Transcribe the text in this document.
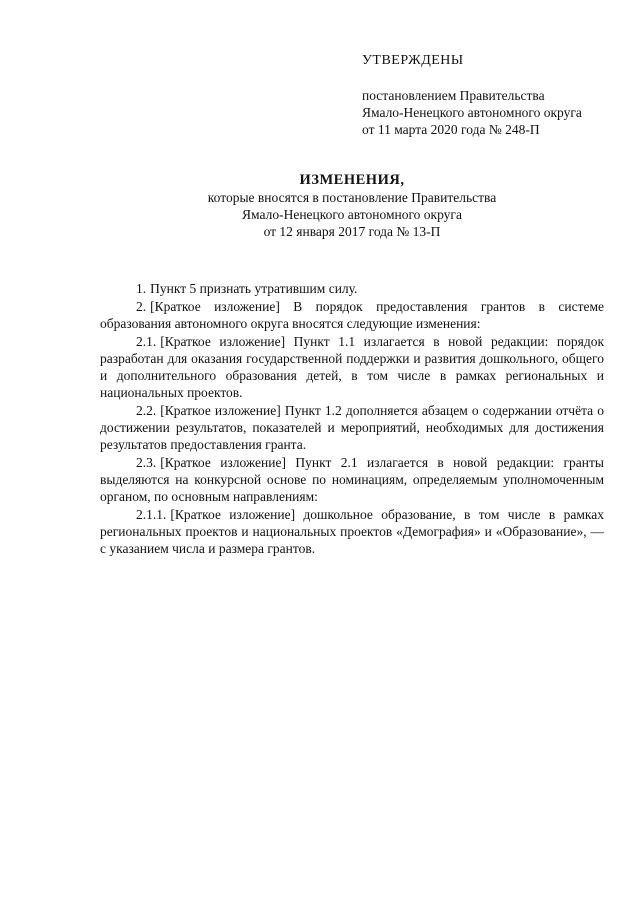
УТВЕРЖДЕНЫ
постановлением Правительства
Ямало-Ненецкого автономного округа
от 11 марта 2020 года № 248-П
ИЗМЕНЕНИЯ,
которые вносятся в постановление Правительства
Ямало-Ненецкого автономного округа
от 12 января 2017 года № 13-П

1. Пункт 5 признать утратившим силу.

2. [Краткое изложение] В порядок предоставления грантов в системе образования автономного округа вносятся следующие изменения:

2.1. [Краткое изложение] Пункт 1.1 излагается в новой редакции: порядок разработан для оказания государственной поддержки и развития дошкольного, общего и дополнительного образования детей, в том числе в рамках региональных и национальных проектов.

2.2. [Краткое изложение] Пункт 1.2 дополняется абзацем о содержании отчёта о достижении результатов, показателей и мероприятий, необходимых для достижения результатов предоставления гранта.

2.3. [Краткое изложение] Пункт 2.1 излагается в новой редакции: гранты выделяются на конкурсной основе по номинациям, определяемым уполномоченным органом, по основным направлениям:

2.1.1. [Краткое изложение] дошкольное образование, в том числе в рамках региональных проектов и национальных проектов «Демография» и «Образование», — с указанием числа и размера грантов.
